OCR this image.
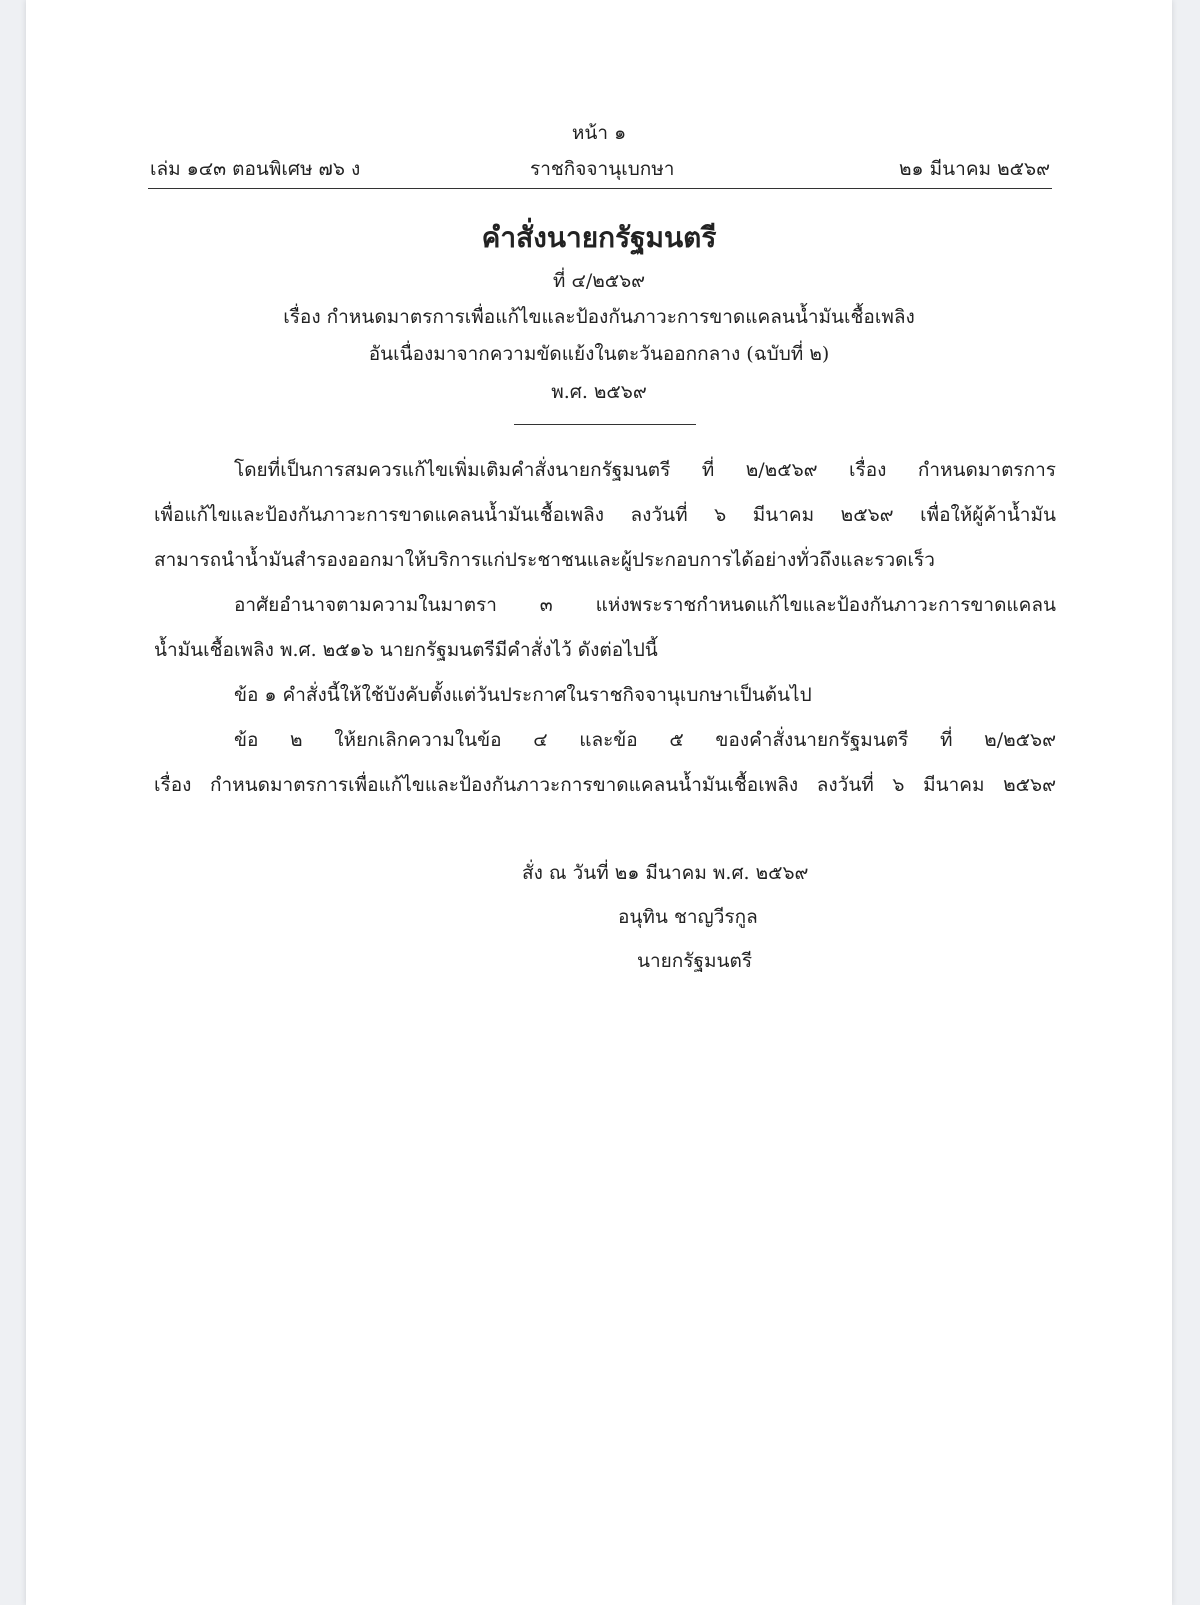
หน้า ๑
เล่ม ๑๔๓ ตอนพิเศษ ๗๖ ง	ราชกิจจานุเบกษา	๒๑ มีนาคม ๒๕๖๙
คำสั่งนายกรัฐมนตรี
ที่ ๔/๒๕๖๙
เรื่อง กำหนดมาตรการเพื่อแก้ไขและป้องกันภาวะการขาดแคลนน้ำมันเชื้อเพลิง
อันเนื่องมาจากความขัดแย้งในตะวันออกกลาง (ฉบับที่ ๒)
พ.ศ. ๒๕๖๙
โดยที่เป็นการสมควรแก้ไขเพิ่มเติมคำสั่งนายกรัฐมนตรี ที่ ๒/๒๕๖๙ เรื่อง กำหนดมาตรการ
เพื่อแก้ไขและป้องกันภาวะการขาดแคลนน้ำมันเชื้อเพลิง ลงวันที่ ๖ มีนาคม ๒๕๖๙ เพื่อให้ผู้ค้าน้ำมัน
สามารถนำน้ำมันสำรองออกมาให้บริการแก่ประชาชนและผู้ประกอบการได้อย่างทั่วถึงและรวดเร็ว
อาศัยอำนาจตามความในมาตรา ๓ แห่งพระราชกำหนดแก้ไขและป้องกันภาวะการขาดแคลน
น้ำมันเชื้อเพลิง พ.ศ. ๒๕๑๖ นายกรัฐมนตรีมีคำสั่งไว้ ดังต่อไปนี้
ข้อ ๑ คำสั่งนี้ให้ใช้บังคับตั้งแต่วันประกาศในราชกิจจานุเบกษาเป็นต้นไป
ข้อ ๒ ให้ยกเลิกความในข้อ ๔ และข้อ ๕ ของคำสั่งนายกรัฐมนตรี ที่ ๒/๒๕๖๙
เรื่อง กำหนดมาตรการเพื่อแก้ไขและป้องกันภาวะการขาดแคลนน้ำมันเชื้อเพลิง ลงวันที่ ๖ มีนาคม ๒๕๖๙
สั่ง ณ วันที่ ๒๑ มีนาคม พ.ศ. ๒๕๖๙
อนุทิน ชาญวีรกูล
นายกรัฐมนตรี
